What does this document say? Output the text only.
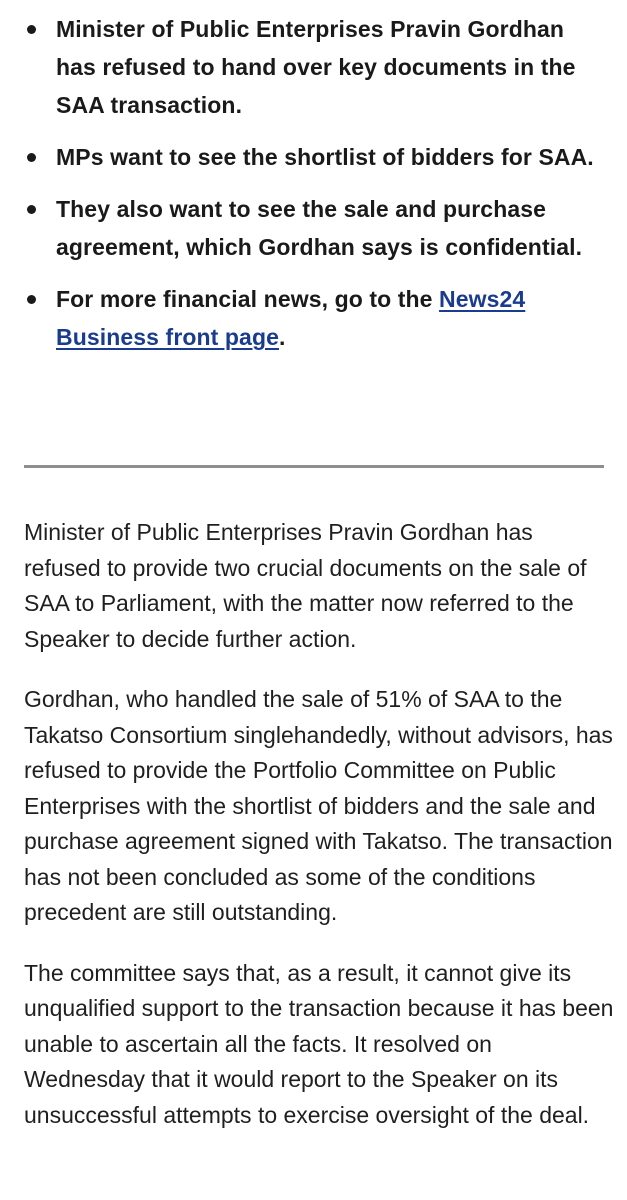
Minister of Public Enterprises Pravin Gordhan has refused to hand over key documents in the SAA transaction.
MPs want to see the shortlist of bidders for SAA.
They also want to see the sale and purchase agreement, which Gordhan says is confidential.
For more financial news, go to the News24 Business front page.

Minister of Public Enterprises Pravin Gordhan has refused to provide two crucial documents on the sale of SAA to Parliament, with the matter now referred to the Speaker to decide further action.

Gordhan, who handled the sale of 51% of SAA to the Takatso Consortium singlehandedly, without advisors, has refused to provide the Portfolio Committee on Public Enterprises with the shortlist of bidders and the sale and purchase agreement signed with Takatso. The transaction has not been concluded as some of the conditions precedent are still outstanding.

The committee says that, as a result, it cannot give its unqualified support to the transaction because it has been unable to ascertain all the facts. It resolved on Wednesday that it would report to the Speaker on its unsuccessful attempts to exercise oversight of the deal.
